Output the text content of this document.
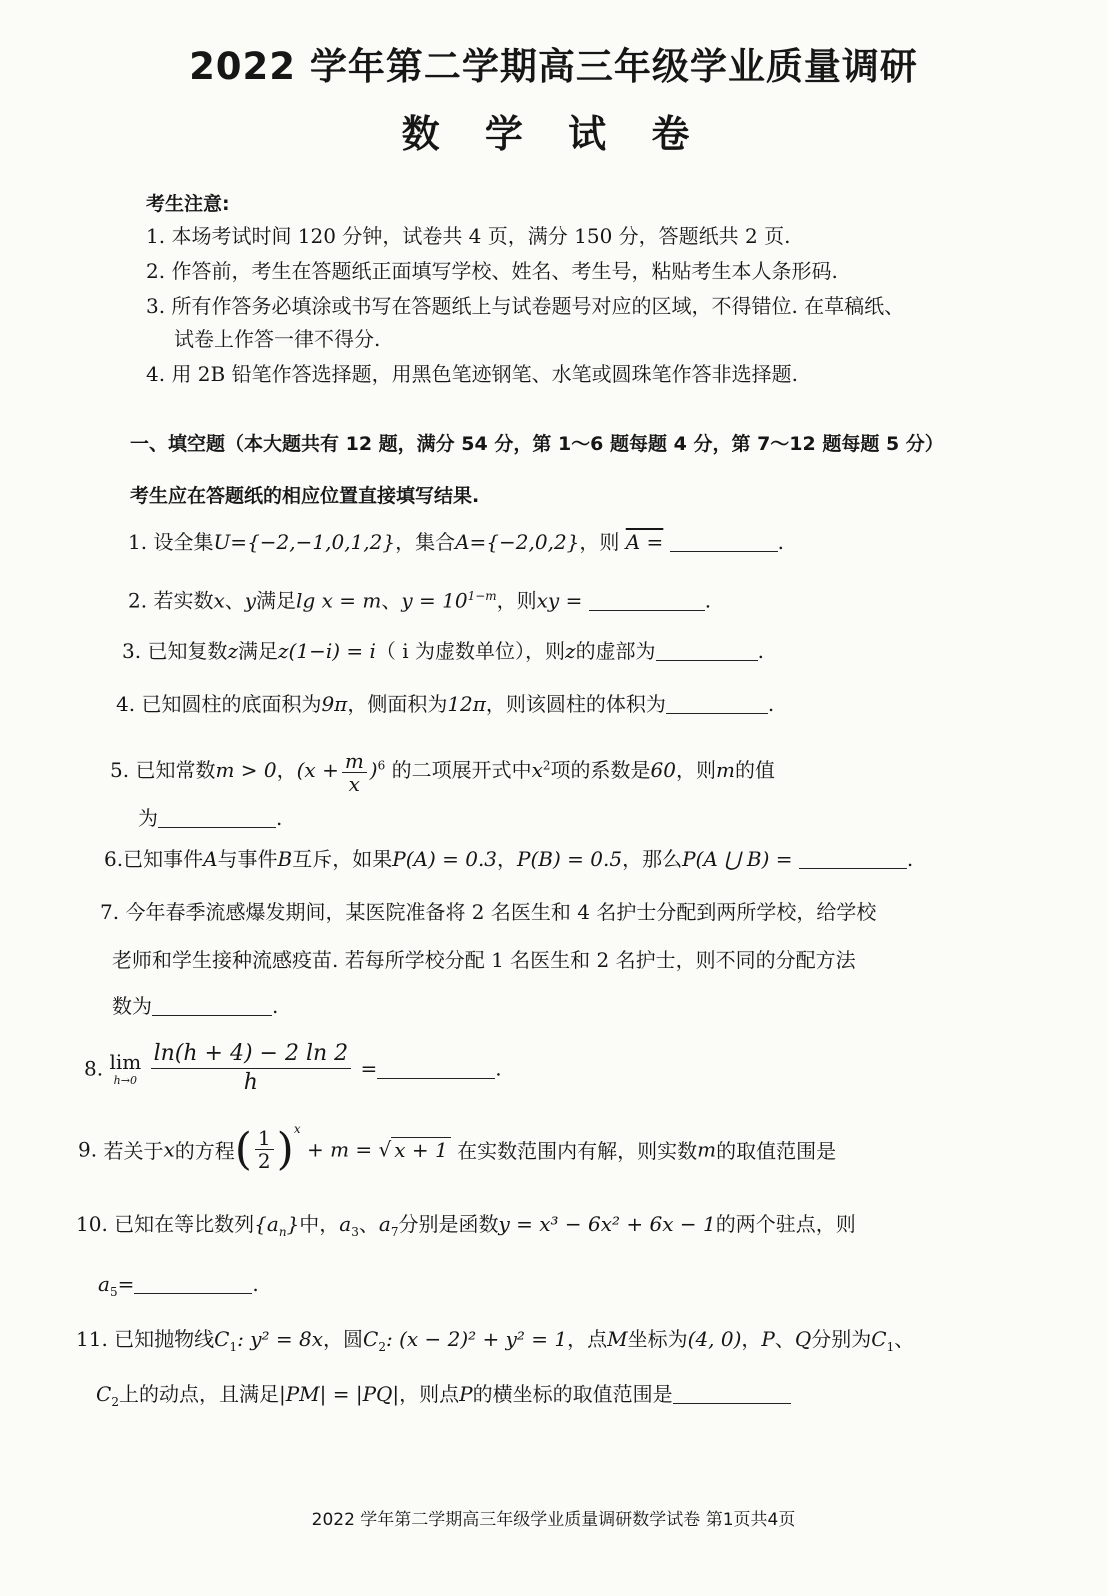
2022 学年第二学期高三年级学业质量调研
数 学 试 卷
考生注意:
1. 本场考试时间 120 分钟，试卷共 4 页，满分 150 分，答题纸共 2 页.
2. 作答前，考生在答题纸正面填写学校、姓名、考生号，粘贴考生本人条形码.
3. 所有作答务必填涂或书写在答题纸上与试卷题号对应的区域，不得错位. 在草稿纸、
试卷上作答一律不得分.
4. 用 2B 铅笔作答选择题，用黑色笔迹钢笔、水笔或圆珠笔作答非选择题.
一、填空题（本大题共有 12 题，满分 54 分，第 1～6 题每题 4 分，第 7～12 题每题 5 分）
考生应在答题纸的相应位置直接填写结果.
1. 设全集U={−2,−1,0,1,2}，集合A={−2,0,2}，则 A =	.
2. 若实数x、y满足lg x = m、$y = 10^{1-m}$，则xy =	.
3. 已知复数z满足z(1−i) = i（ i 为虚数单位），则z的虚部为	.
4. 已知圆柱的底面积为9π，侧面积为12π，则该圆柱的体积为	.
5. 已知常数m > 0，$(x + \frac{m}{x} )^6$ 的二项展开式中$x^2$项的系数是60，则m的值
为	.
6.已知事件A与事件B互斥，如果P(A) = 0.3，P(B) = 0.5，那么P(A ⋃ B) =	.
7. 今年春季流感爆发期间，某医院准备将 2 名医生和 4 名护士分配到两所学校，给学校
老师和学生接种流感疫苗. 若每所学校分配 1 名医生和 2 名护士，则不同的分配方法
数为	.
8. lim
h→0
$\frac{\ln(h + 4) - 2 \ln 2}{h}$ =	.
9. 若关于x的方程( $\frac{1}{2} )^x + m$ = √ x + 1 在实数范围内有解，则实数m的取值范围是
10. 已知在等比数列$\{a_n\}$中，$a_3$、$a_7$分别是函数y = x³ − 6x² + 6x − 1的两个驻点，则
$a_5=$	.
11. 已知抛物线$C_1$: y² = 8x，圆$C_2$: (x − 2)² + y² = 1，点M坐标为(4, 0)，P、Q分别为$C_1$、
$C_2$上的动点，且满足|PM| = |PQ|，则点P的横坐标的取值范围是
2022 学年第二学期高三年级学业质量调研数学试卷 第1页共4页
